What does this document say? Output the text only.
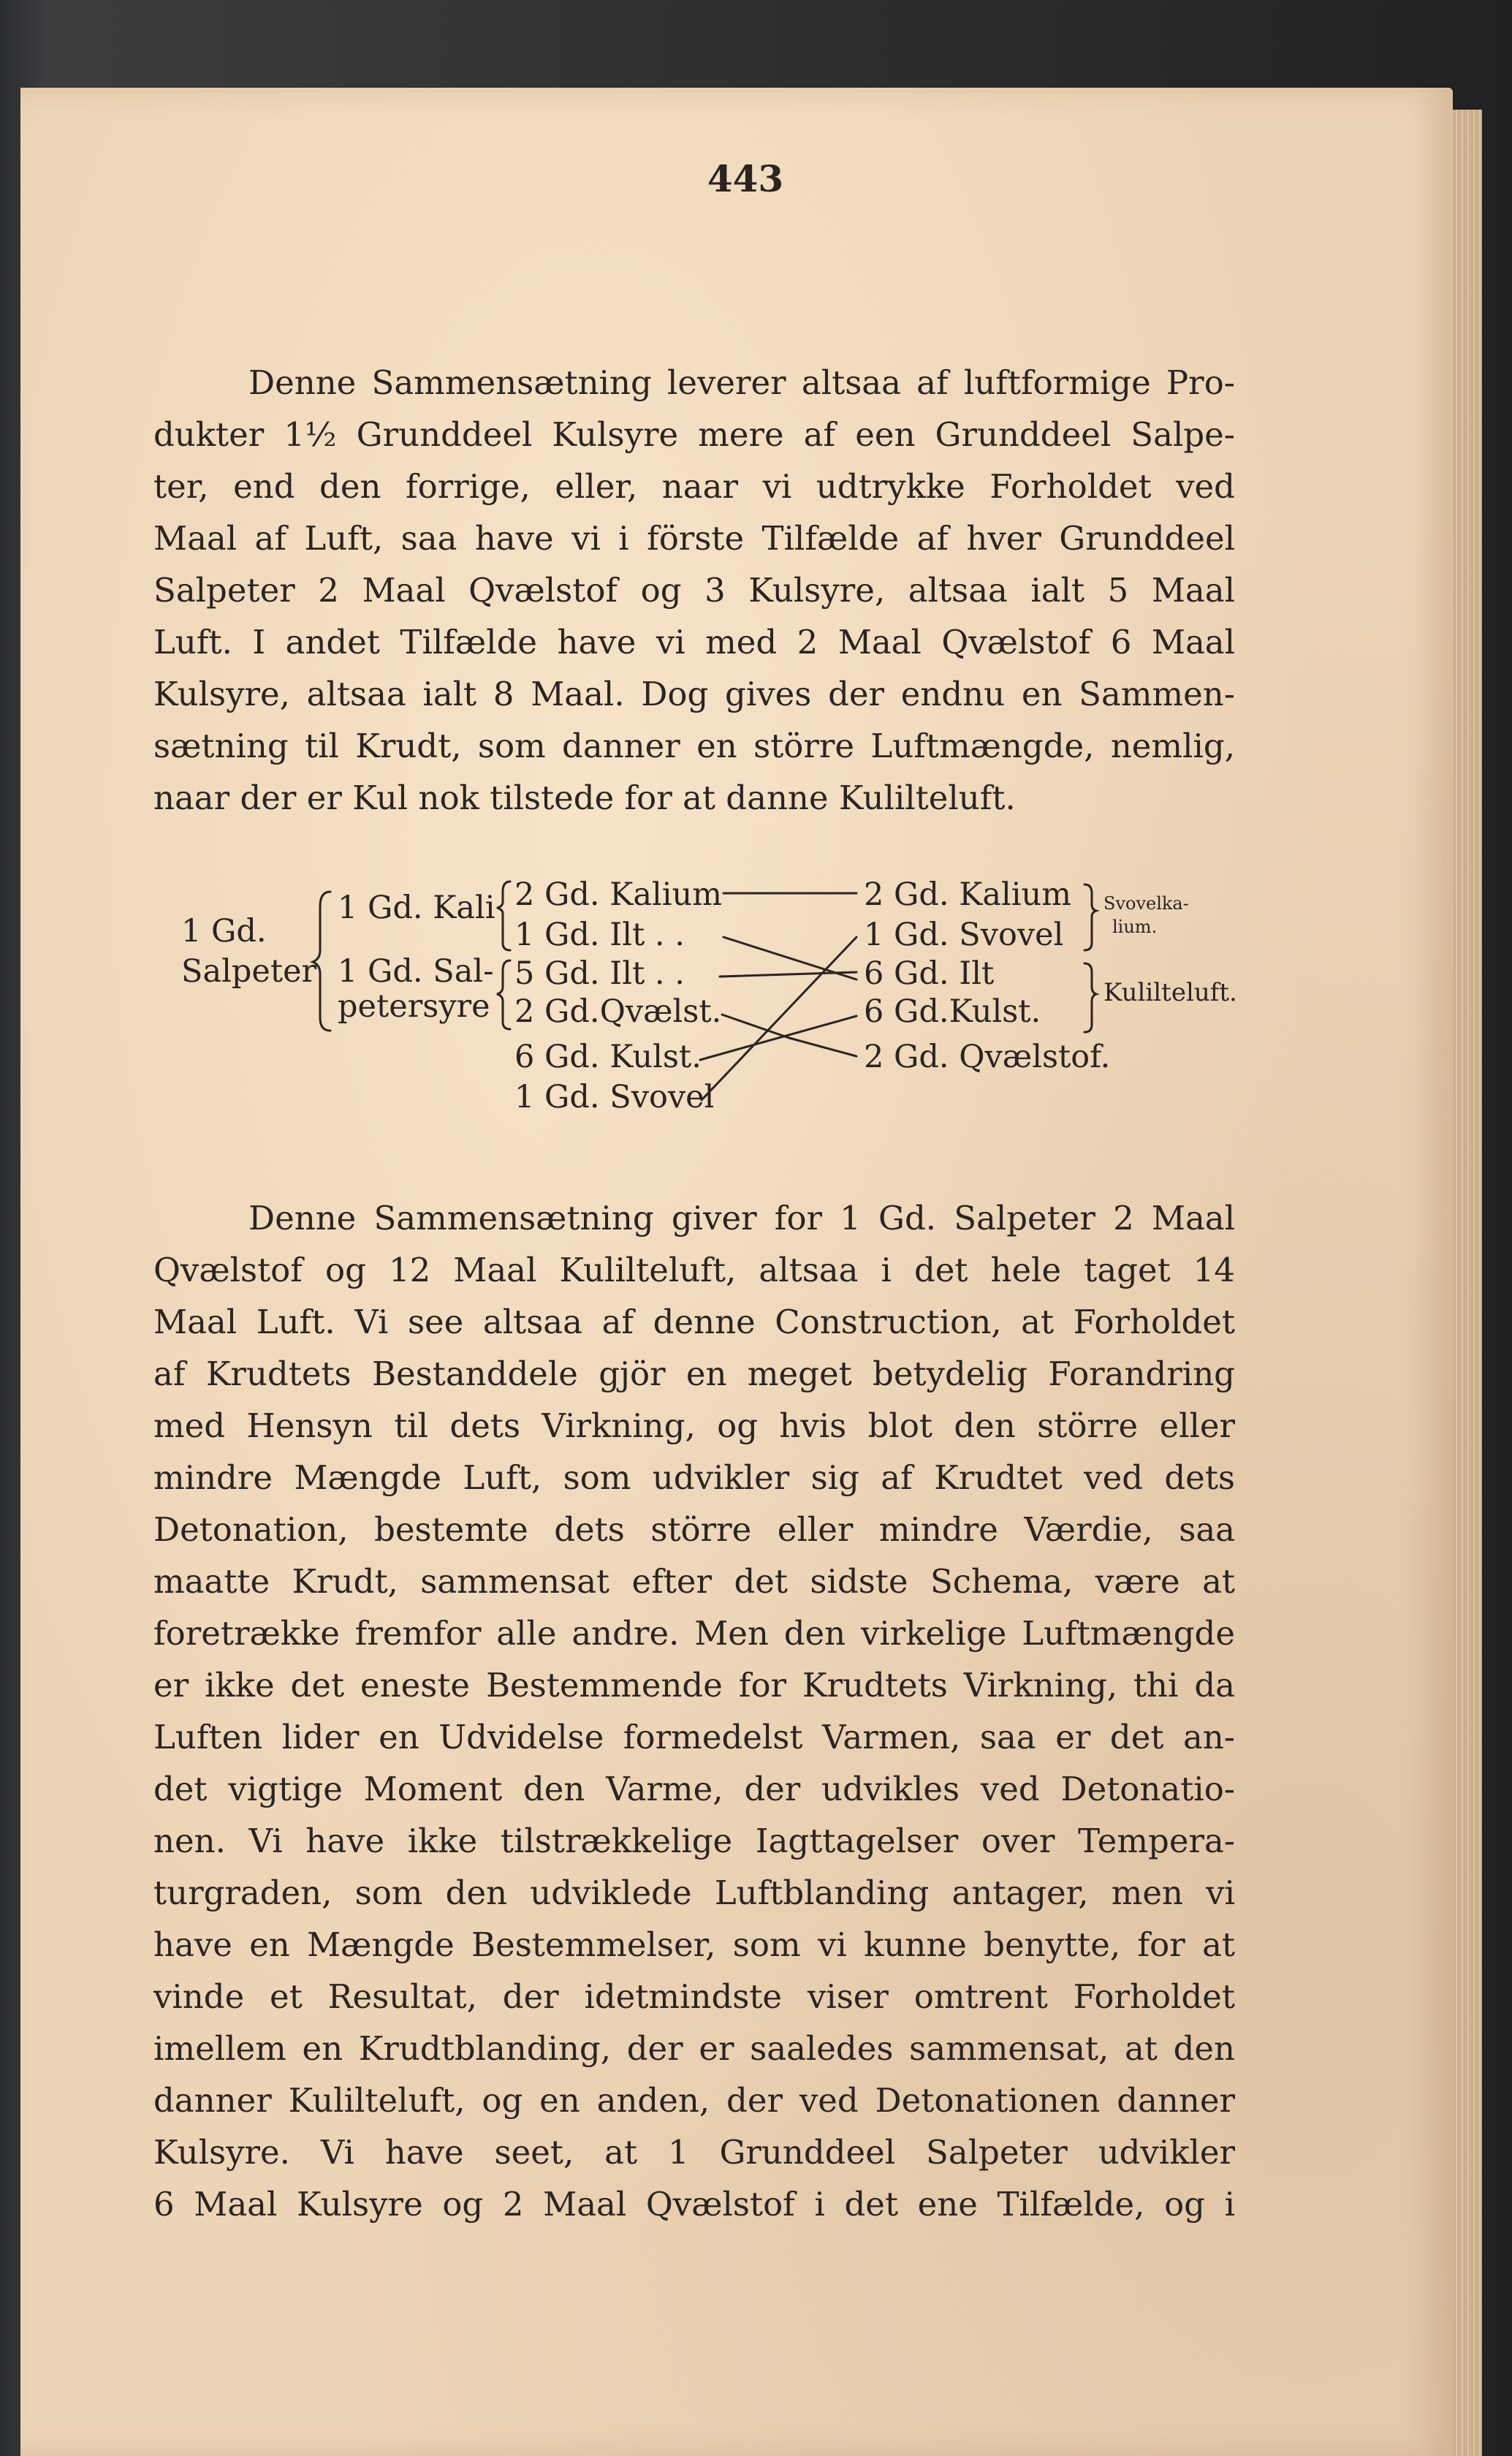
443
Denne Sammensætning leverer altsaa af luftformige Pro-
dukter 1½ Grunddeel Kulsyre mere af een Grunddeel Salpe-
ter, end den forrige, eller, naar vi udtrykke Forholdet ved
Maal af Luft, saa have vi i förste Tilfælde af hver Grunddeel
Salpeter 2 Maal Qvælstof og 3 Kulsyre, altsaa ialt 5 Maal
Luft. I andet Tilfælde have vi med 2 Maal Qvælstof 6 Maal
Kulsyre, altsaa ialt 8 Maal. Dog gives der endnu en Sammen-
sætning til Krudt, som danner en större Luftmængde, nemlig,
naar der er Kul nok tilstede for at danne Kulilteluft.
1 Gd.
Salpeter
1 Gd. Kali
1 Gd. Sal-
petersyre
2 Gd. Kalium
1 Gd. Ilt . .
5 Gd. Ilt . .
2 Gd.Qvælst.
6 Gd. Kulst.
1 Gd. Svovel
2 Gd. Kalium
1 Gd. Svovel
6 Gd. Ilt
6 Gd.Kulst.
2 Gd. Qvælstof.
Svovelka-
lium.
Kulilteluft.
Denne Sammensætning giver for 1 Gd. Salpeter 2 Maal
Qvælstof og 12 Maal Kulilteluft, altsaa i det hele taget 14
Maal Luft. Vi see altsaa af denne Construction, at Forholdet
af Krudtets Bestanddele gjör en meget betydelig Forandring
med Hensyn til dets Virkning, og hvis blot den större eller
mindre Mængde Luft, som udvikler sig af Krudtet ved dets
Detonation, bestemte dets större eller mindre Værdie, saa
maatte Krudt, sammensat efter det sidste Schema, være at
foretrække fremfor alle andre. Men den virkelige Luftmængde
er ikke det eneste Bestemmende for Krudtets Virkning, thi da
Luften lider en Udvidelse formedelst Varmen, saa er det an-
det vigtige Moment den Varme, der udvikles ved Detonatio-
nen. Vi have ikke tilstrækkelige Iagttagelser over Tempera-
turgraden, som den udviklede Luftblanding antager, men vi
have en Mængde Bestemmelser, som vi kunne benytte, for at
vinde et Resultat, der idetmindste viser omtrent Forholdet
imellem en Krudtblanding, der er saaledes sammensat, at den
danner Kulilteluft, og en anden, der ved Detonationen danner
Kulsyre. Vi have seet, at 1 Grunddeel Salpeter udvikler
6 Maal Kulsyre og 2 Maal Qvælstof i det ene Tilfælde, og i
